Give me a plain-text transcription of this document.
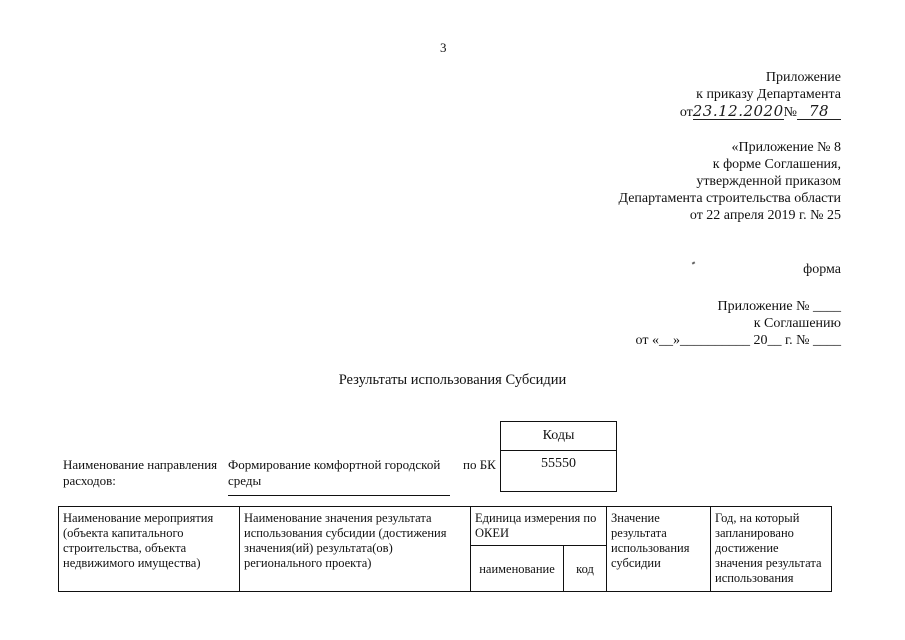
3
Приложение
к приказу Департамента
от23.12.2020№ 78
«Приложение № 8
к форме Соглашения,
утвержденной приказом
Департамента строительства области
от 22 апреля 2019 г. № 25
форма
Приложение № ____
к Соглашению
от «__»__________ 20__ г. № ____
Результаты использования Субсидии
Коды
55550
Наименование направления расходов:
Формирование комфортной городской среды
по БК
Наименование мероприятия (объекта капитального строительства, объекта недвижимого имущества)	Наименование значения результата использования субсидии (достижения значения(ий) результата(ов) регионального проекта)	Единица измерения по ОКЕИ		Значение результата использования субсидии	Год, на который запланировано достижение значения результата использования
		наименование	код		
